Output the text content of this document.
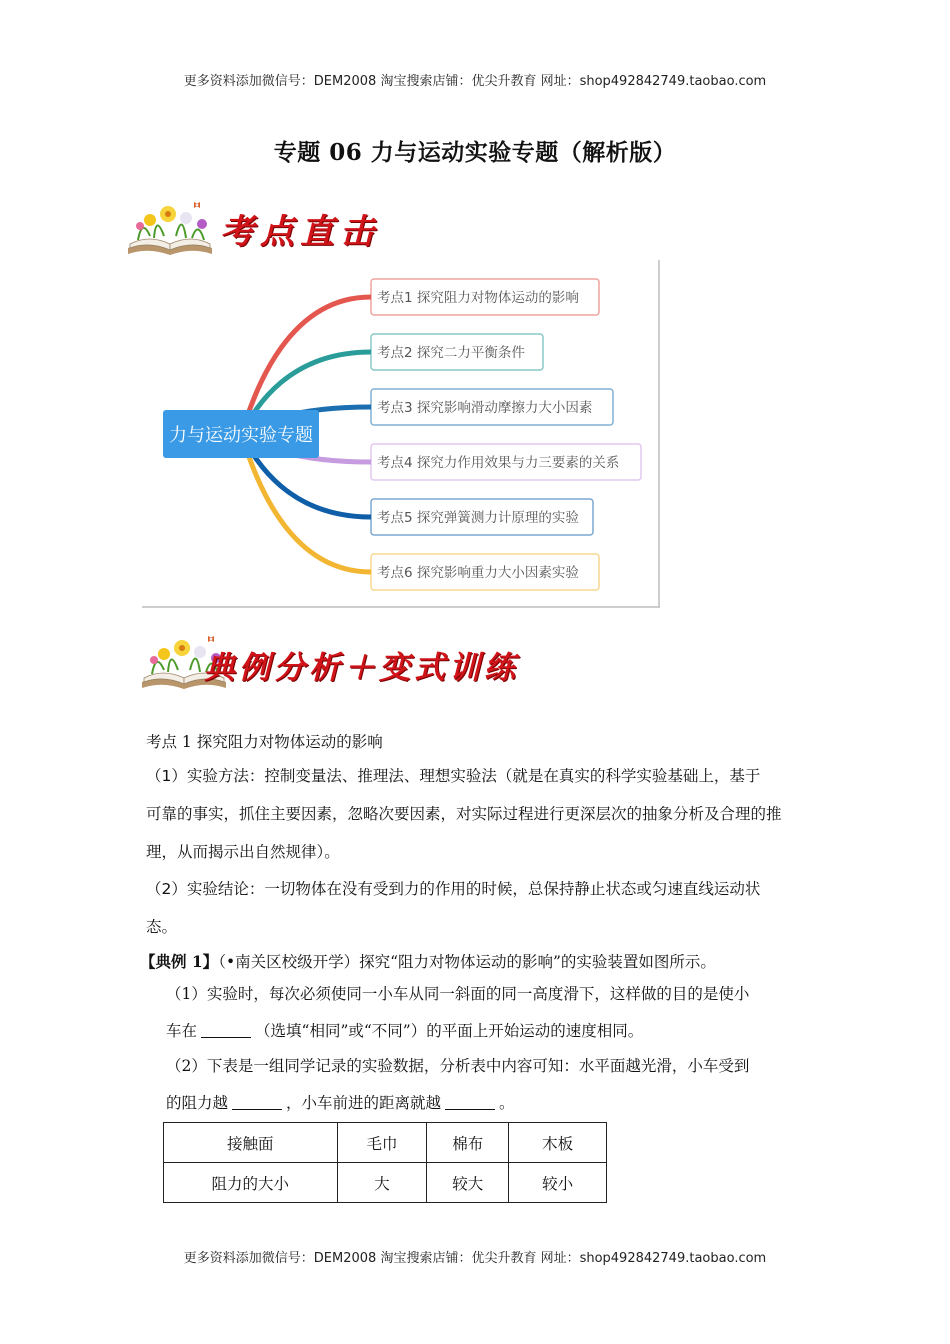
更多资料添加微信号：DEM2008 淘宝搜索店铺：优尖升教育 网址：shop492842749.taobao.com
专题 06 力与运动实验专题（解析版）
考点直击
力与运动实验专题
考点1 探究阻力对物体运动的影响
考点2 探究二力平衡条件
考点3 探究影响滑动摩擦力大小因素
考点4 探究力作用效果与力三要素的关系
考点5 探究弹簧测力计原理的实验
考点6 探究影响重力大小因素实验
典例分析＋变式训练
考点 1 探究阻力对物体运动的影响
（1）实验方法：控制变量法、推理法、理想实验法（就是在真实的科学实验基础上，基于
可靠的事实，抓住主要因素，忽略次要因素，对实际过程进行更深层次的抽象分析及合理的推
理，从而揭示出自然规律）。
（2）实验结论：一切物体在没有受到力的作用的时候，总保持静止状态或匀速直线运动状
态。
【典例 1】（•南关区校级开学）探究“阻力对物体运动的影响”的实验装置如图所示。
（1）实验时，每次必须使同一小车从同一斜面的同一高度滑下，这样做的目的是使小
车在	（选填“相同”或“不同”）的平面上开始运动的速度相同。
（2）下表是一组同学记录的实验数据，分析表中内容可知：水平面越光滑，小车受到
的阻力越	，小车前进的距离就越	。
接触面	毛巾	棉布	木板
阻力的大小	大	较大	较小
更多资料添加微信号：DEM2008 淘宝搜索店铺：优尖升教育 网址：shop492842749.taobao.com
